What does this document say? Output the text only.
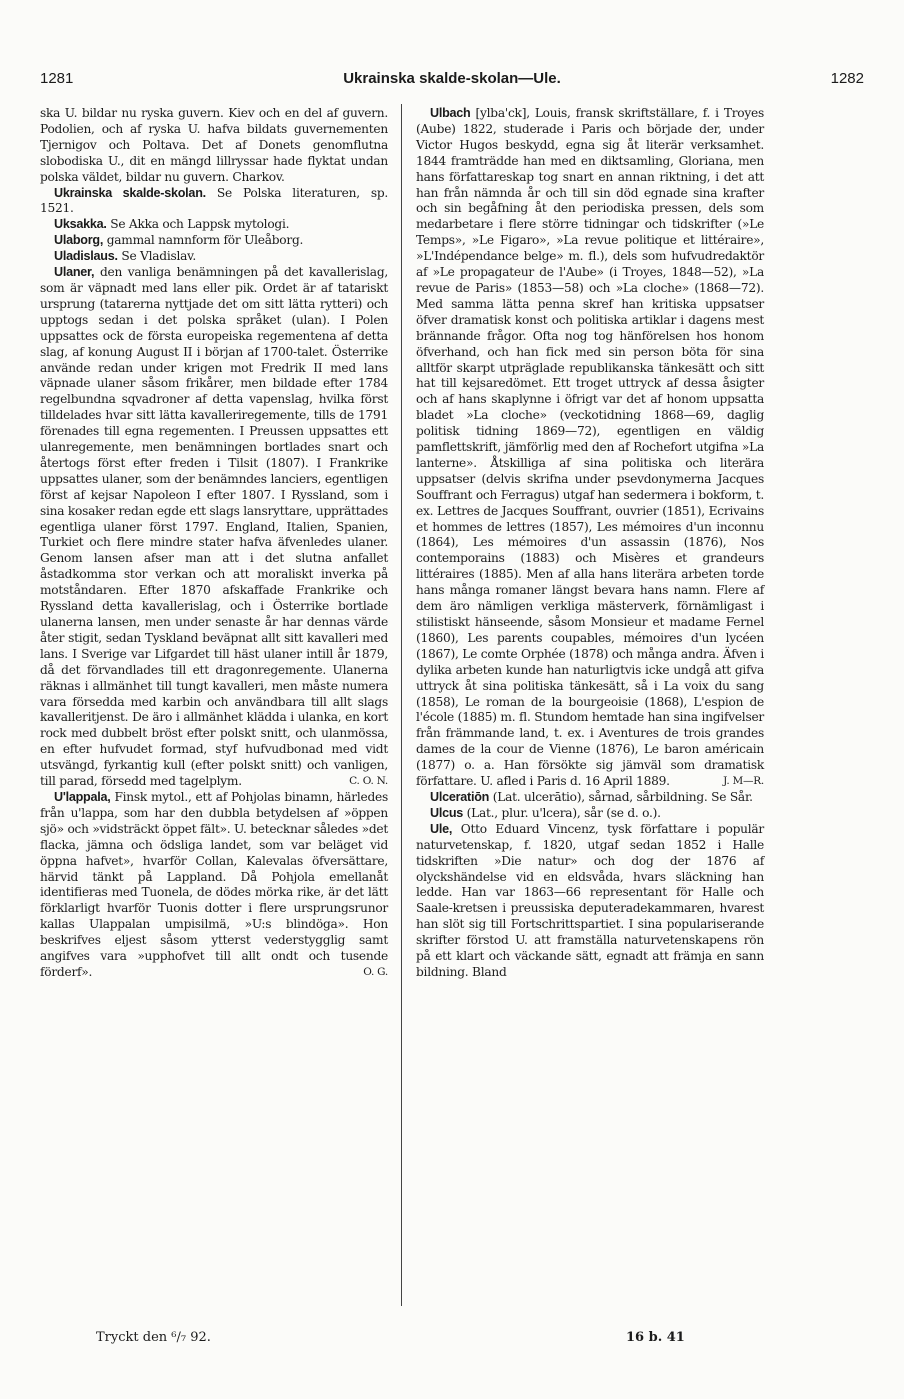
1281	Ukrainska skalde-skolan—Ule.	1282

ska U. bildar nu ryska guvern. Kiev och en del af guvern. Podolien, och af ryska U. hafva bildats guvernementen Tjernigov och Poltava. Det af Donets genomflutna slobodiska U., dit en mängd lillryssar hade flyktat undan polska väldet, bildar nu guvern. Charkov.

Ukrainska skalde-skolan. Se Polska literaturen, sp. 1521.

Uksakka. Se Akka och Lappsk mytologi.

Ulaborg, gammal namnform för Uleåborg.

Uladislaus. Se Vladislav.

Ulaner, den vanliga benämningen på det kavallerislag, som är väpnadt med lans eller pik. Ordet är af tatariskt ursprung (tatarerna nyttjade det om sitt lätta rytteri) och upptogs sedan i det polska språket (ulan). I Polen uppsattes ock de första europeiska regementena af detta slag, af konung August II i början af 1700-talet. Österrike använde redan under krigen mot Fredrik II med lans väpnade ulaner såsom frikårer, men bildade efter 1784 regelbundna sqvadroner af detta vapenslag, hvilka först tilldelades hvar sitt lätta kavalleriregemente, tills de 1791 förenades till egna regementen. I Preussen uppsattes ett ulanregemente, men benämningen bortlades snart och återtogs först efter freden i Tilsit (1807). I Frankrike uppsattes ulaner, som der benämndes lanciers, egentligen först af kejsar Napoleon I efter 1807. I Ryssland, som i sina kosaker redan egde ett slags lansryttare, upprättades egentliga ulaner först 1797. England, Italien, Spanien, Turkiet och flere mindre stater hafva äfvenledes ulaner. Genom lansen afser man att i det slutna anfallet åstadkomma stor verkan och att moraliskt inverka på motståndaren. Efter 1870 afskaffade Frankrike och Ryssland detta kavallerislag, och i Österrike bortlade ulanerna lansen, men under senaste år har dennas värde åter stigit, sedan Tyskland beväpnat allt sitt kavalleri med lans. I Sverige var Lifgardet till häst ulaner intill år 1879, då det förvandlades till ett dragonregemente. Ulanerna räknas i allmänhet till tungt kavalleri, men måste numera vara försedda med karbin och användbara till allt slags kavalleritjenst. De äro i allmänhet klädda i ulanka, en kort rock med dubbelt bröst efter polskt snitt, och ulanmössa, en efter hufvudet formad, styf hufvudbonad med vidt utsvängd, fyrkantig kull (efter polskt snitt) och vanligen, till parad, försedd med tagelplym.	C. O. N.

U'lappala, Finsk mytol., ett af Pohjolas binamn, härledes från u'lappa, som har den dubbla betydelsen af »öppen sjö» och »vidsträckt öppet fält». U. betecknar således »det flacka, jämna och ödsliga landet, som var beläget vid öppna hafvet», hvarför Collan, Kalevalas öfversättare, härvid tänkt på Lappland. Då Pohjola emellanåt identifieras med Tuonela, de dödes mörka rike, är det lätt förklarligt hvarför Tuonis dotter i flere ursprungsrunor kallas Ulappalan umpisilmä, »U:s blindöga». Hon beskrifves eljest såsom ytterst vederstygglig samt angifves vara »upphofvet till allt ondt och tusende förderf».	O. G.

Ulbach [ylba'ck], Louis, fransk skriftställare, f. i Troyes (Aube) 1822, studerade i Paris och började der, under Victor Hugos beskydd, egna sig åt literär verksamhet. 1844 framträdde han med en diktsamling, Gloriana, men hans författareskap tog snart en annan riktning, i det att han från nämnda år och till sin död egnade sina krafter och sin begåfning åt den periodiska pressen, dels som medarbetare i flere större tidningar och tidskrifter (»Le Temps», »Le Figaro», »La revue politique et littéraire», »L'Indépendance belge» m. fl.), dels som hufvudredaktör af »Le propagateur de l'Aube» (i Troyes, 1848—52), »La revue de Paris» (1853—58) och »La cloche» (1868—72). Med samma lätta penna skref han kritiska uppsatser öfver dramatisk konst och politiska artiklar i dagens mest brännande frågor. Ofta nog tog hänförelsen hos honom öfverhand, och han fick med sin person böta för sina alltför skarpt utpräglade republikanska tänkesätt och sitt hat till kejsaredömet. Ett troget uttryck af dessa åsigter och af hans skaplynne i öfrigt var det af honom uppsatta bladet »La cloche» (veckotidning 1868—69, daglig politisk tidning 1869—72), egentligen en väldig pamflettskrift, jämförlig med den af Rochefort utgifna »La lanterne». Åtskilliga af sina politiska och literära uppsatser (delvis skrifna under psevdonymerna Jacques Souffrant och Ferragus) utgaf han sedermera i bokform, t. ex. Lettres de Jacques Souffrant, ouvrier (1851), Ecrivains et hommes de lettres (1857), Les mémoires d'un inconnu (1864), Les mémoires d'un assassin (1876), Nos contemporains (1883) och Misères et grandeurs littéraires (1885). Men af alla hans literära arbeten torde hans många romaner längst bevara hans namn. Flere af dem äro nämligen verkliga mästerverk, förnämligast i stilistiskt hänseende, såsom Monsieur et madame Fernel (1860), Les parents coupables, mémoires d'un lycéen (1867), Le comte Orphée (1878) och många andra. Äfven i dylika arbeten kunde han naturligtvis icke undgå att gifva uttryck åt sina politiska tänkesätt, så i La voix du sang (1858), Le roman de la bourgeoisie (1868), L'espion de l'école (1885) m. fl. Stundom hemtade han sina ingifvelser från främmande land, t. ex. i Aventures de trois grandes dames de la cour de Vienne (1876), Le baron américain (1877) o. a. Han försökte sig jämväl som dramatisk författare. U. afled i Paris d. 16 April 1889.	J. M—R.

Ulceratiōn (Lat. ulcerātio), sårnad, sårbildning. Se Sår.

Ulcus (Lat., plur. u'lcera), sår (se d. o.).

Ule, Otto Eduard Vincenz, tysk författare i populär naturvetenskap, f. 1820, utgaf sedan 1852 i Halle tidskriften »Die natur» och dog der 1876 af olyckshändelse vid en eldsvåda, hvars släckning han ledde. Han var 1863—66 representant för Halle och Saale-kretsen i preussiska deputeradekammaren, hvarest han slöt sig till Fortschrittspartiet. I sina populariserande skrifter förstod U. att framställa naturvetenskapens rön på ett klart och väckande sätt, egnadt att främja en sann bildning. Bland

Tryckt den ⁶/₇ 92.	16 b. 41
